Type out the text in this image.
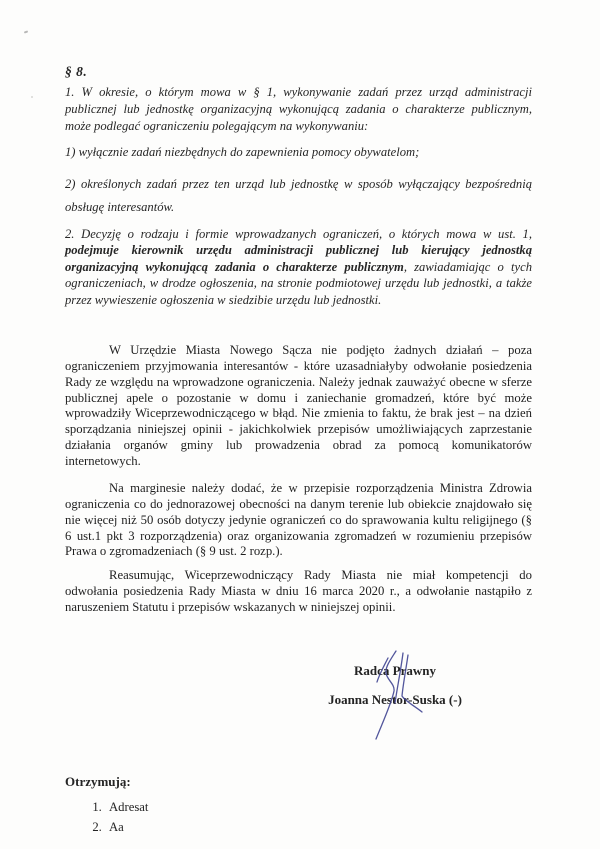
§ 8.

1. W okresie, o którym mowa w § 1, wykonywanie zadań przez urząd administracji publicznej lub jednostkę organizacyjną wykonującą zadania o charakterze publicznym, może podlegać ograniczeniu polegającym na wykonywaniu:

1) wyłącznie zadań niezbędnych do zapewnienia pomocy obywatelom;

2) określonych zadań przez ten urząd lub jednostkę w sposób wyłączający bezpośrednią obsługę interesantów.

2. Decyzję o rodzaju i formie wprowadzanych ograniczeń, o których mowa w ust. 1, podejmuje kierownik urzędu administracji publicznej lub kierujący jednostką organizacyjną wykonującą zadania o charakterze publicznym, zawiadamiając o tych ograniczeniach, w drodze ogłoszenia, na stronie podmiotowej urzędu lub jednostki, a także przez wywieszenie ogłoszenia w siedzibie urzędu lub jednostki.

W Urzędzie Miasta Nowego Sącza nie podjęto żadnych działań – poza ograniczeniem przyjmowania interesantów - które uzasadniałyby odwołanie posiedzenia Rady ze względu na wprowadzone ograniczenia. Należy jednak zauważyć obecne w sferze publicznej apele o pozostanie w domu i zaniechanie gromadzeń, które być może wprowadziły Wiceprzewodniczącego w błąd. Nie zmienia to faktu, że brak jest – na dzień sporządzania niniejszej opinii - jakichkolwiek przepisów umożliwiających zaprzestanie działania organów gminy lub prowadzenia obrad za pomocą komunikatorów internetowych.

Na marginesie należy dodać, że w przepisie rozporządzenia Ministra Zdrowia ograniczenia co do jednorazowej obecności na danym terenie lub obiekcie znajdowało się nie więcej niż 50 osób dotyczy jedynie ograniczeń co do sprawowania kultu religijnego (§ 6 ust.1 pkt 3 rozporządzenia) oraz organizowania zgromadzeń w rozumieniu przepisów Prawa o zgromadzeniach (§ 9 ust. 2 rozp.).

Reasumując, Wiceprzewodniczący Rady Miasta nie miał kompetencji do odwołania posiedzenia Rady Miasta w dniu 16 marca 2020 r., a odwołanie nastąpiło z naruszeniem Statutu i przepisów wskazanych w niniejszej opinii.

Radca Prawny
Joanna Nestor-Suska (-)
Otrzymują:
1. Adresat
2. Aa
